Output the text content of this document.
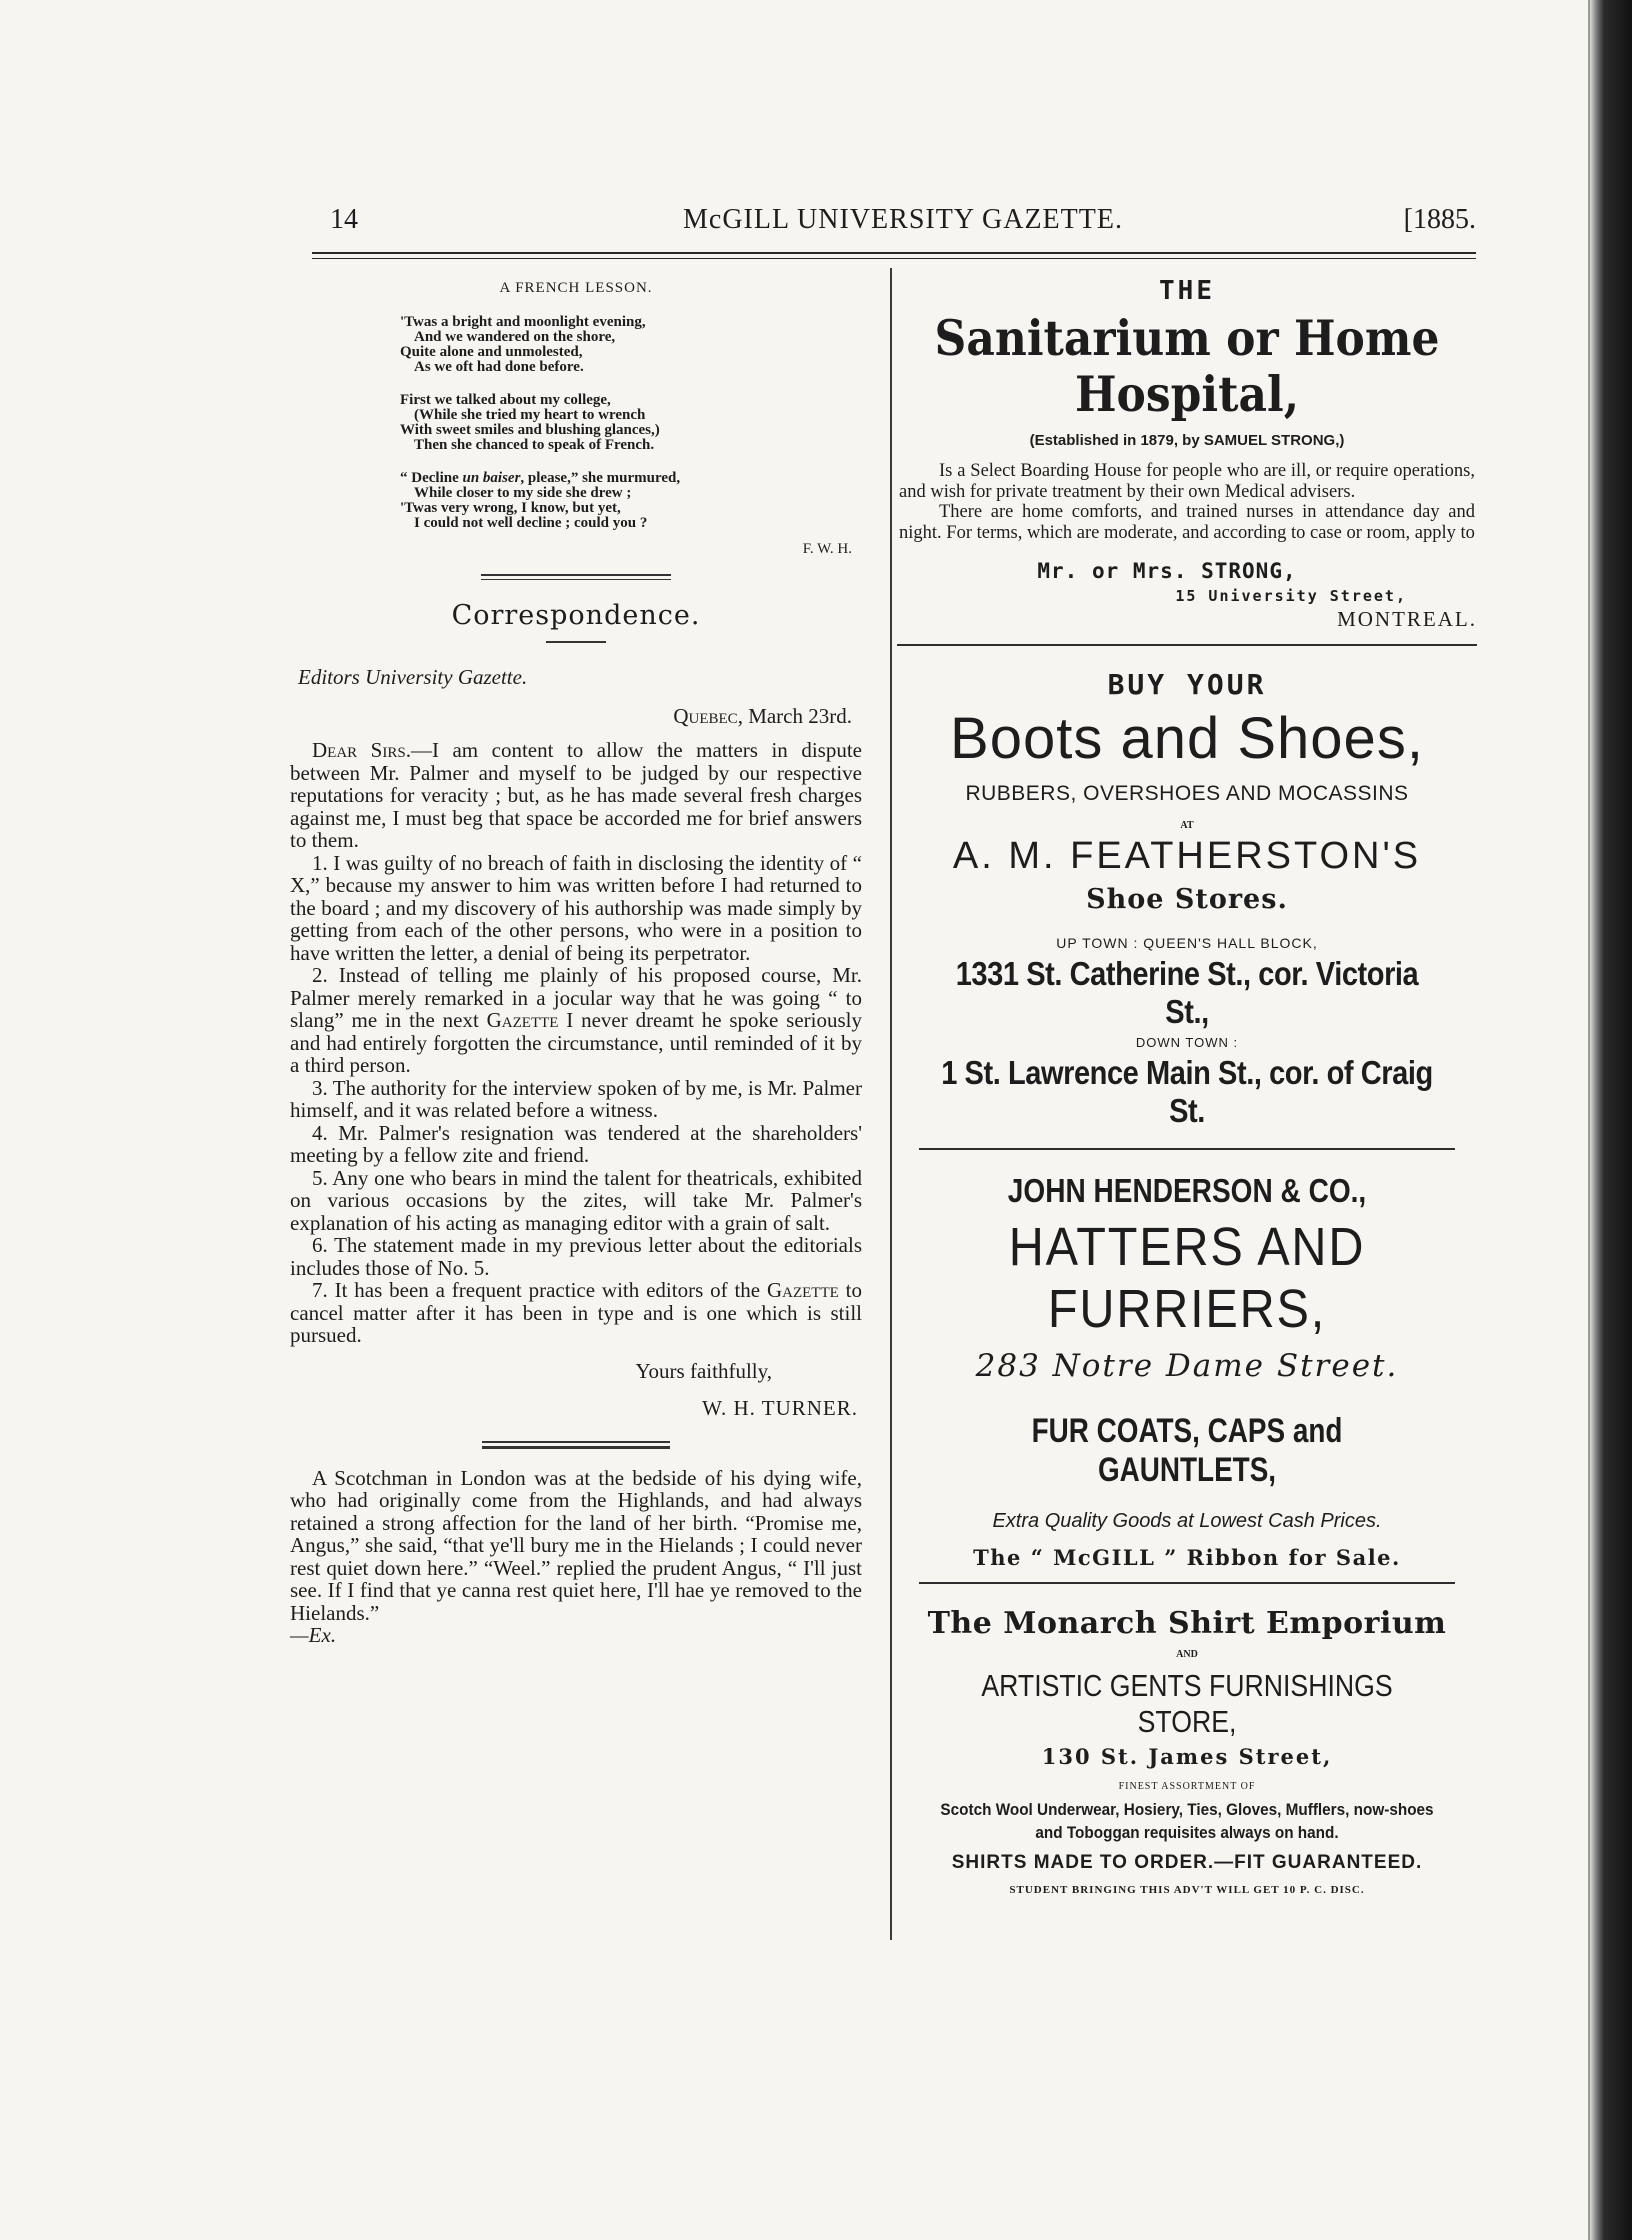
14	McGILL UNIVERSITY GAZETTE.	[1885.
A FRENCH LESSON.
'Twas a bright and moonlight evening,
And we wandered on the shore,
Quite alone and unmolested,
As we oft had done before.
First we talked about my college,
(While she tried my heart to wrench
With sweet smiles and blushing glances,)
Then she chanced to speak of French.
“ Decline un baiser, please,” she murmured,
While closer to my side she drew ;
'Twas very wrong, I know, but yet,
I could not well decline ; could you ?
F. W. H.
Correspondence.
Editors University Gazette.
Quebec, March 23rd.

Dear Sirs.—I am content to allow the matters in dispute between Mr. Palmer and myself to be judged by our respective reputations for veracity ; but, as he has made several fresh charges against me, I must beg that space be accorded me for brief answers to them.

1. I was guilty of no breach of faith in disclosing the identity of “ X,” because my answer to him was written before I had returned to the board ; and my discovery of his authorship was made simply by getting from each of the other persons, who were in a position to have written the letter, a denial of being its perpetrator.

2. Instead of telling me plainly of his proposed course, Mr. Palmer merely remarked in a jocular way that he was going “ to slang” me in the next Gazette I never dreamt he spoke seriously and had entirely forgotten the circumstance, until reminded of it by a third person.

3. The authority for the interview spoken of by me, is Mr. Palmer himself, and it was related before a witness.

4. Mr. Palmer's resignation was tendered at the shareholders' meeting by a fellow zite and friend.

5. Any one who bears in mind the talent for theatricals, exhibited on various occasions by the zites, will take Mr. Palmer's explanation of his acting as managing editor with a grain of salt.

6. The statement made in my previous letter about the editorials includes those of No. 5.

7. It has been a frequent practice with editors of the Gazette to cancel matter after it has been in type and is one which is still pursued.

Yours faithfully,
W. H. TURNER.

A Scotchman in London was at the bedside of his dying wife, who had originally come from the Highlands, and had always retained a strong affection for the land of her birth. “Promise me, Angus,” she said, “that ye'll bury me in the Hielands ; I could never rest quiet down here.” “Weel.” replied the prudent Angus, “ I'll just see. If I find that ye canna rest quiet here, I'll hae ye removed to the Hielands.”

—Ex.
THE
Sanitarium or Home Hospital,
(Established in 1879, by SAMUEL STRONG,)

Is a Select Boarding House for people who are ill, or require operations, and wish for private treatment by their own Medical advisers.

There are home comforts, and trained nurses in attendance day and night. For terms, which are moderate, and according to case or room, apply to

Mr. or Mrs. STRONG,
15 University Street,
MONTREAL.
BUY YOUR
Boots and Shoes,
RUBBERS, OVERSHOES AND MOCASSINS
AT
A. M. FEATHERSTON'S
Shoe Stores.
UP TOWN : QUEEN'S HALL BLOCK,
1331 St. Catherine St., cor. Victoria St.,
DOWN TOWN :
1 St. Lawrence Main St., cor. of Craig St.
JOHN HENDERSON & CO.,
HATTERS AND FURRIERS,
283 Notre Dame Street.
FUR COATS, CAPS and GAUNTLETS,
Extra Quality Goods at Lowest Cash Prices.
The “ McGILL ” Ribbon for Sale.
The Monarch Shirt Emporium
AND
ARTISTIC GENTS FURNISHINGS STORE,
130 St. James Street,
FINEST ASSORTMENT OF
Scotch Wool Underwear, Hosiery, Ties, Gloves, Mufflers, now-shoes and Toboggan requisites always on hand.
SHIRTS MADE TO ORDER.—FIT GUARANTEED.
STUDENT BRINGING THIS ADV'T WILL GET 10 P. C. DISC.
